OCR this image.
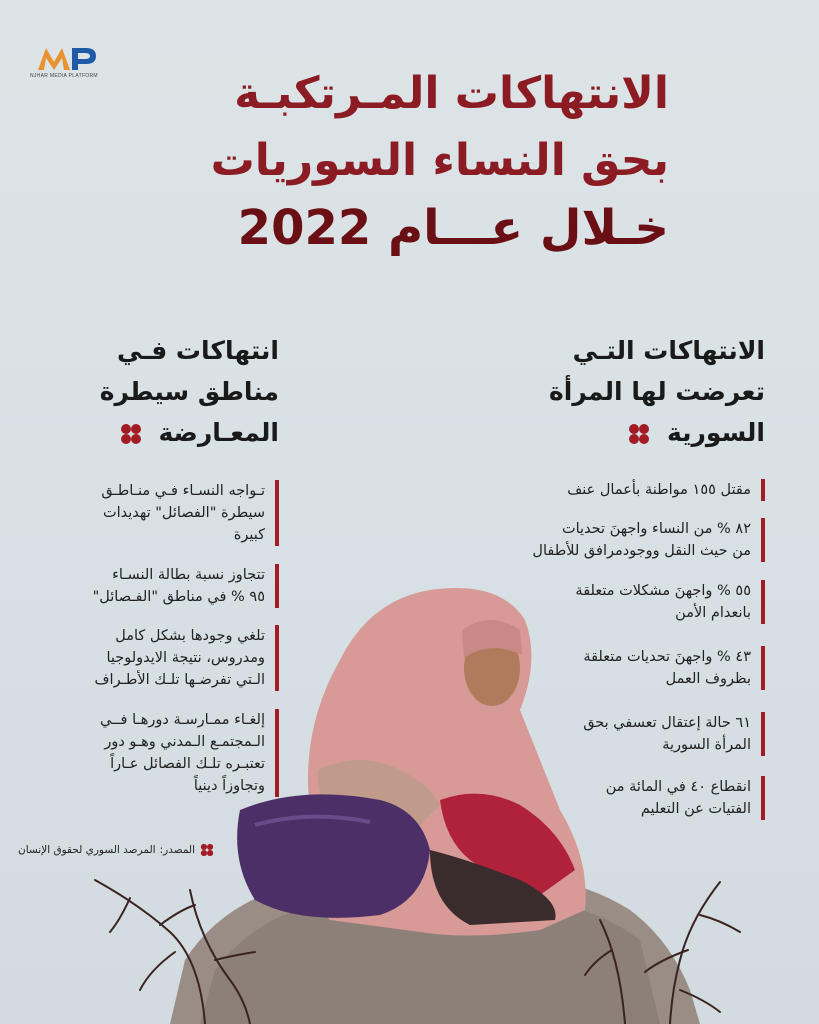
NJHAR MEDIA PLATFORM	الانتهاكات المـرتكبـة
بحق النساء السوريات
خـلال عـــام 2022
الانتهاكات التـي
تعرضت لها المرأة
السورية
مقتل ١٥٥ مواطنة بأعمال عنف
٨٢ % من النساء واجهنَ تحديات
من حيث النقل ووجودمرافق للأطفال
٥٥ % واجهنَ مشكلات متعلقة
بانعدام الأمن
٤٣ % واجهنَ تحديات متعلقة
بظروف العمل
٦١ حالة إعتقال تعسفي بحق
المرأة السورية
انقطاع ٤٠ في المائة من
الفتيات عن التعليم
انتهاكات فـي
مناطق سيطرة
المعـارضة
تـواجه النسـاء فـي منـاطـق
سيطرة "الفصائل" تهديدات
كبيرة
تتجاوز نسبة بطالة النسـاء
٩٥ % في مناطق "الفـصائل"
تلغي وجودها بشكل كامل
ومدروس، نتيجة الايدولوجيا
الـتي تفرضـها تلـك الأطـراف
إلغـاء ممـارسـة دورهـا فــي
الـمجتمـع الـمدني وهـو دور
تعتبـره تلـك الفصائل عـاراً
وتجاوزاً دينياً
المصدر:
المرصد السوري لحقوق الإنسان
